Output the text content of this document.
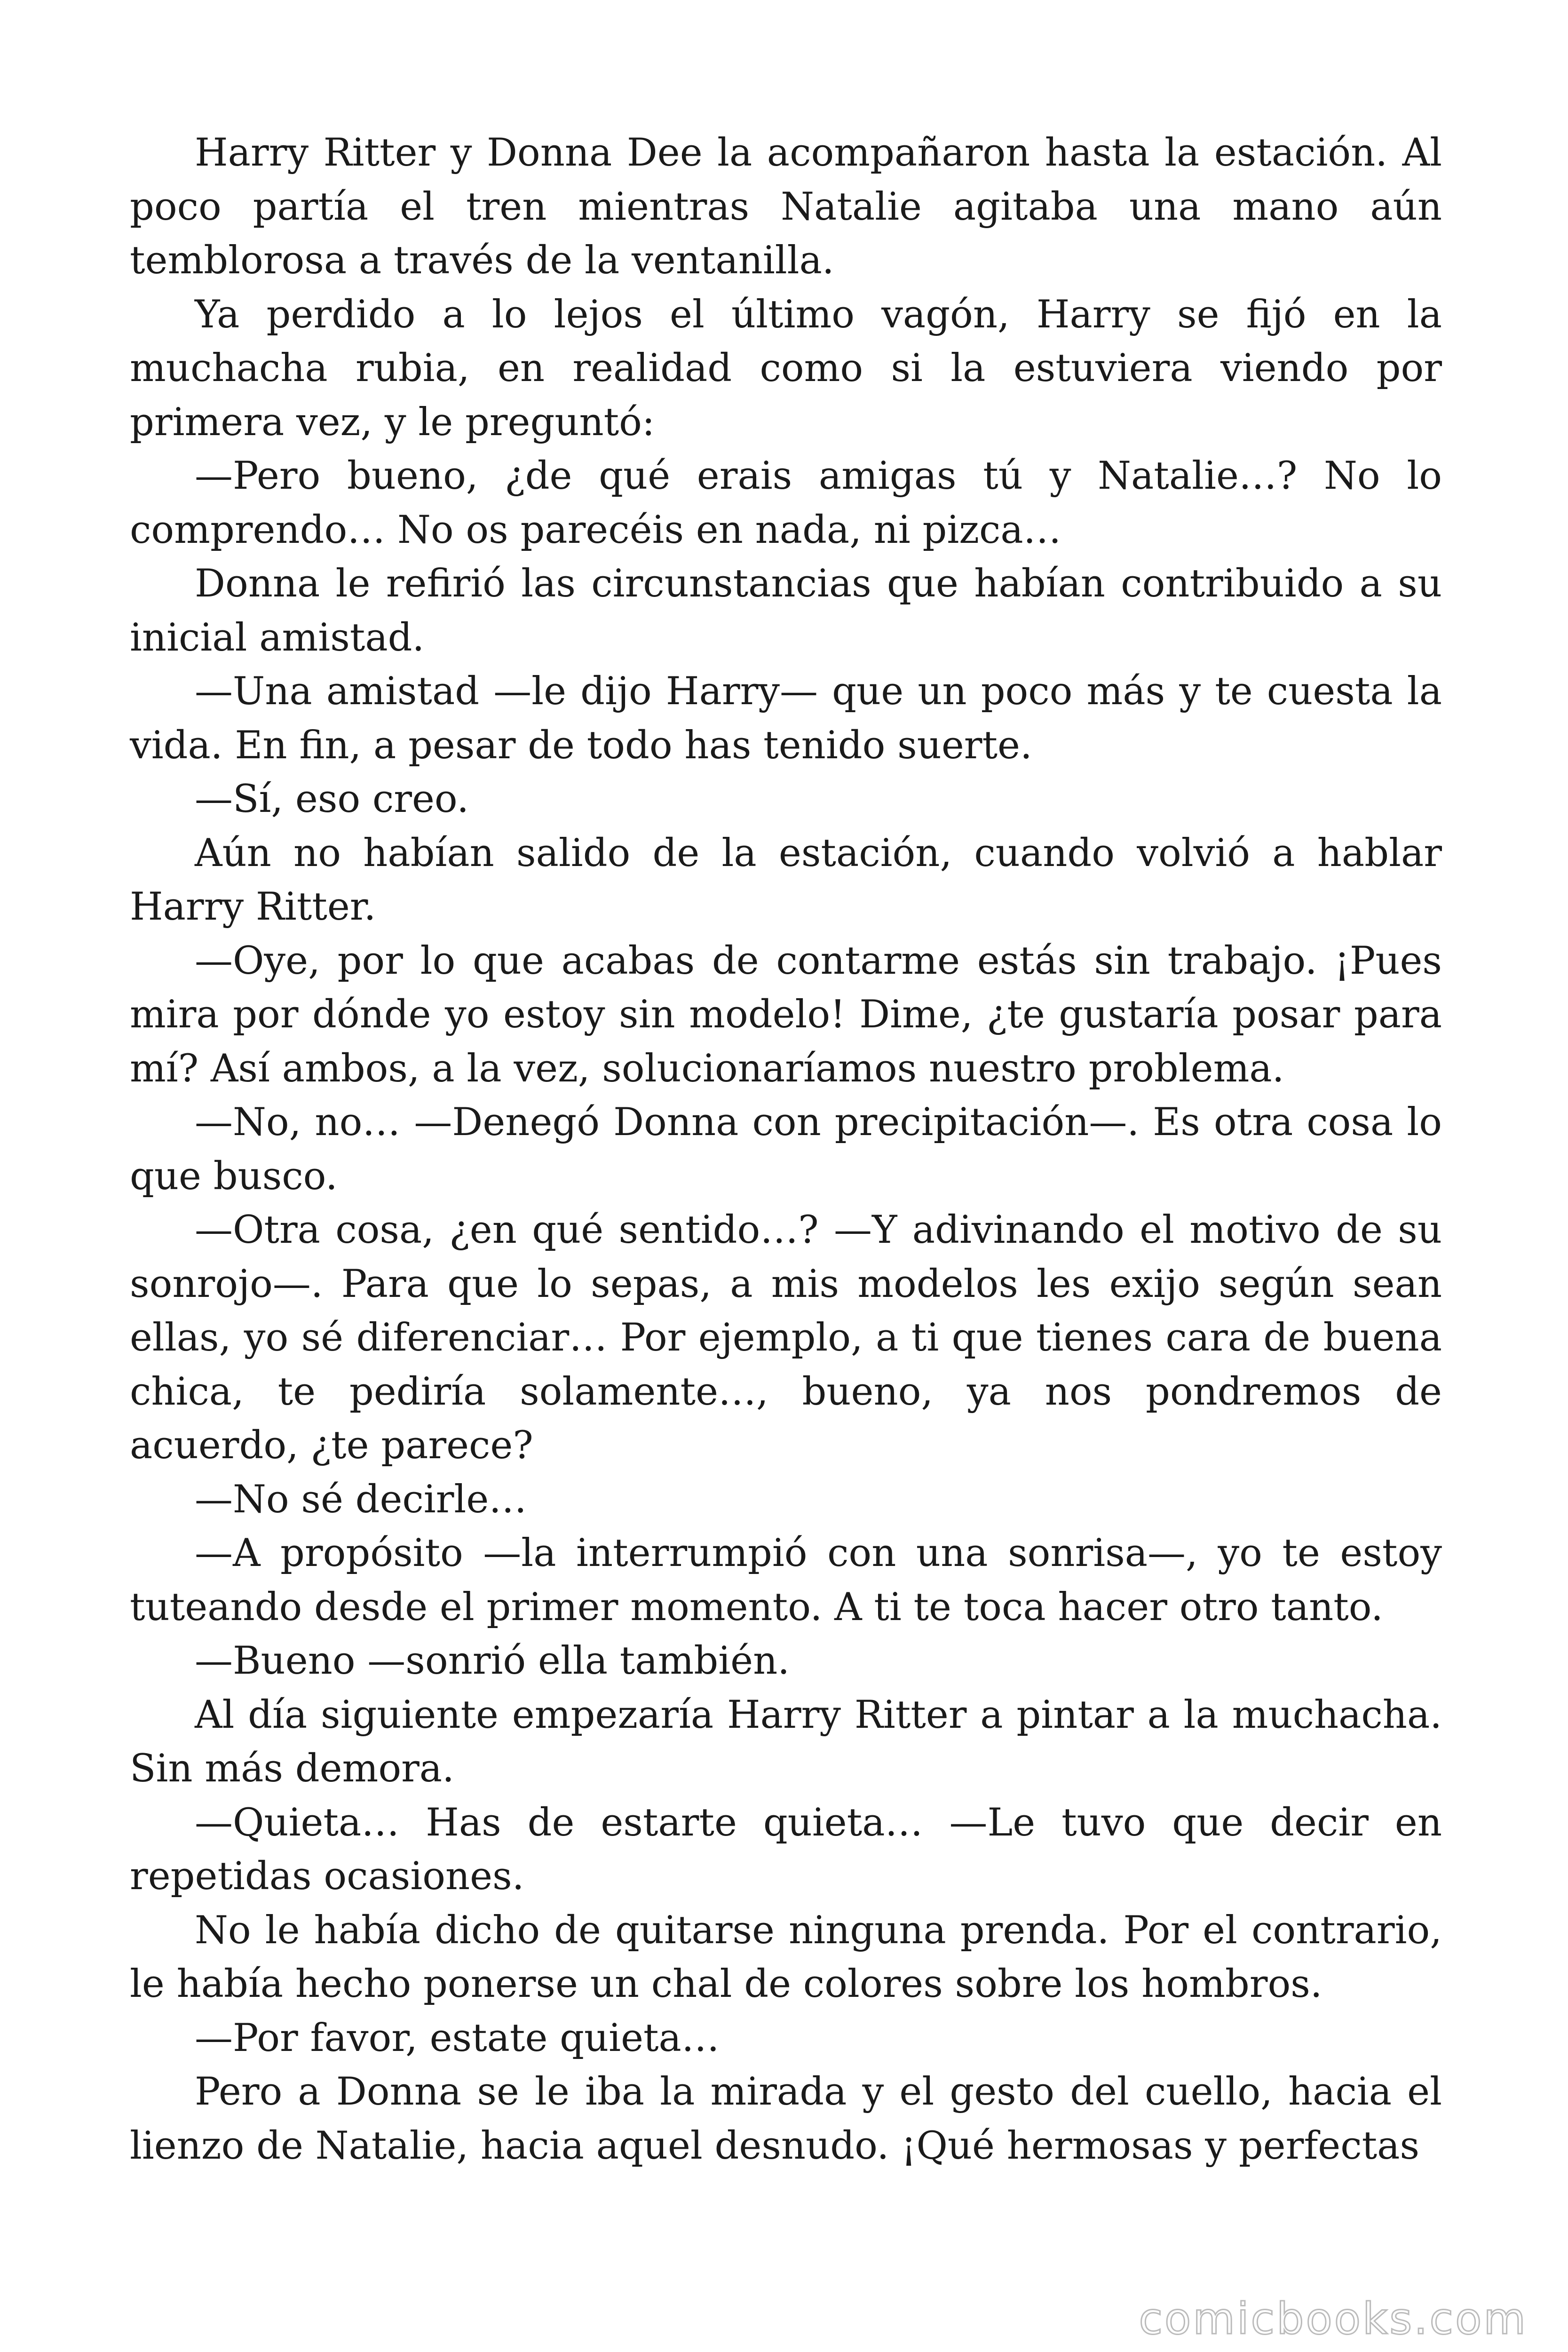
Harry Ritter y Donna Dee la acompañaron hasta la estación. Al poco partía el tren mientras Natalie agitaba una mano aún temblorosa a través de la ventanilla.

Ya perdido a lo lejos el último vagón, Harry se fijó en la muchacha rubia, en realidad como si la estuviera viendo por primera vez, y le preguntó:

—Pero bueno, ¿de qué erais amigas tú y Natalie…? No lo comprendo… No os parecéis en nada, ni pizca…

Donna le refirió las circunstancias que habían contribuido a su inicial amistad.

—Una amistad —le dijo Harry— que un poco más y te cuesta la vida. En fin, a pesar de todo has tenido suerte.

—Sí, eso creo.

Aún no habían salido de la estación, cuando volvió a hablar Harry Ritter.

—Oye, por lo que acabas de contarme estás sin trabajo. ¡Pues mira por dónde yo estoy sin modelo! Dime, ¿te gustaría posar para mí? Así ambos, a la vez, solucionaríamos nuestro problema.

—No, no… —Denegó Donna con precipitación—. Es otra cosa lo que busco.

—Otra cosa, ¿en qué sentido…? —Y adivinando el motivo de su sonrojo—. Para que lo sepas, a mis modelos les exijo según sean ellas, yo sé diferenciar… Por ejemplo, a ti que tienes cara de buena chica, te pediría solamente…, bueno, ya nos pondremos de acuerdo, ¿te parece?

—No sé decirle…

—A propósito —la interrumpió con una sonrisa—, yo te estoy tuteando desde el primer momento. A ti te toca hacer otro tanto.

—Bueno —sonrió ella también.

Al día siguiente empezaría Harry Ritter a pintar a la muchacha. Sin más demora.

—Quieta… Has de estarte quieta… —Le tuvo que decir en repetidas ocasiones.

No le había dicho de quitarse ninguna prenda. Por el contrario, le había hecho ponerse un chal de colores sobre los hombros.

—Por favor, estate quieta…

Pero a Donna se le iba la mirada y el gesto del cuello, hacia el lienzo de Natalie, hacia aquel desnudo. ¡Qué hermosas y perfectas

comicbooks.com
